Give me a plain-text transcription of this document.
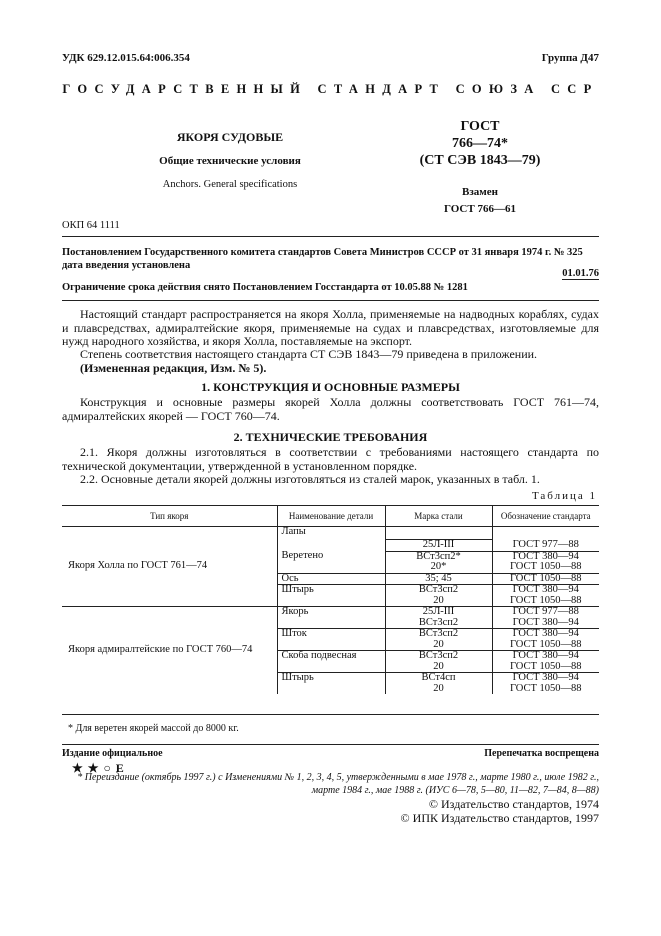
УДК 629.12.015.64:006.354	Группа Д47
ГОСУДАРСТВЕННЫЙ СТАНДАРТ СОЮЗА ССР
ЯКОРЯ СУДОВЫЕ
Общие технические условия
Anchors. General specifications
ГОСТ
766—74*
(СТ СЭВ 1843—79)
Взамен
ГОСТ 766—61
ОКП 64 1111
Постановлением Государственного комитета стандартов Совета Министров СССР от 31 января 1974 г. № 325 дата введения установлена
01.01.76
Ограничение срока действия снято Постановлением Госстандарта от 10.05.88 № 1281
Настоящий стандарт распространяется на якоря Холла, применяемые на надводных кораблях, судах и плавсредствах, адмиралтейские якоря, применяемые на судах и плавсредствах, изготовляемые для нужд народного хозяйства, и якоря Холла, поставляемые на экспорт.
Степень соответствия настоящего стандарта СТ СЭВ 1843—79 приведена в приложении.
(Измененная редакция, Изм. № 5).
1. КОНСТРУКЦИЯ И ОСНОВНЫЕ РАЗМЕРЫ
Конструкция и основные размеры якорей Холла должны соответствовать ГОСТ 761—74, адмиралтейских якорей — ГОСТ 760—74.
2. ТЕХНИЧЕСКИЕ ТРЕБОВАНИЯ
2.1. Якоря должны изготовляться в соответствии с требованиями настоящего стандарта по технической документации, утвержденной в установленном порядке.
2.2. Основные детали якорей должны изготовляться из сталей марок, указанных в табл. 1.
Таблица 1
Тип якоря	Наименование детали	Марка стали	Обозначение стандарта
Якоря Холла по ГОСТ 761—74	Лапы		
	Веретено	25Л-III	ГОСТ 977—88
		ВСт3сп2*	ГОСТ 380—94
		20*	ГОСТ 1050—88
	Ось	35; 45	ГОСТ 1050—88
	Штырь	ВСт3сп2	ГОСТ 380—94
		20	ГОСТ 1050—88
Якоря адмиралтейские по ГОСТ 760—74	Якорь	25Л-III	ГОСТ 977—88
		ВСт3сп2	ГОСТ 380—94
	Шток	ВСт3сп2	ГОСТ 380—94
		20	ГОСТ 1050—88
	Скоба подвесная	ВСт3сп2	ГОСТ 380—94
		20	ГОСТ 1050—88
	Штырь	ВСт4сп	ГОСТ 380—94
		20	ГОСТ 1050—88
* Для веретен якорей массой до 8000 кг.
Издание официальное	Перепечатка воспрещена
★ ★ ○ E
* Переиздание (октябрь 1997 г.) с Изменениями № 1, 2, 3, 4, 5, утвержденными в мае 1978 г., марте 1980 г., июле 1982 г., марте 1984 г., мае 1988 г. (ИУС 6—78, 5—80, 11—82, 7—84, 8—88)
© Издательство стандартов, 1974
© ИПК Издательство стандартов, 1997
